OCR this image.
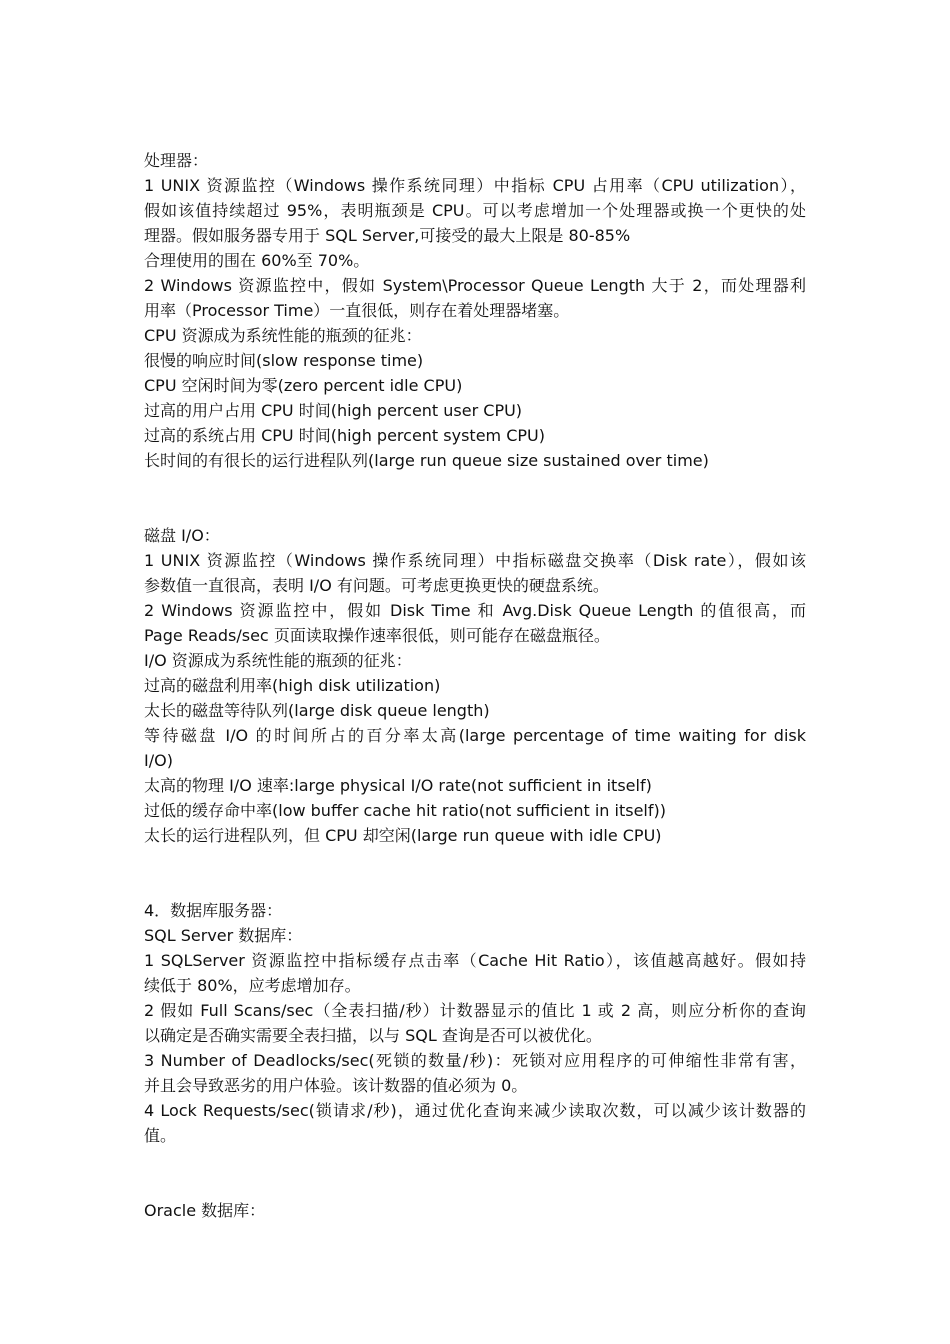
处理器：
1 UNIX 资源监控（Windows 操作系统同理）中指标 CPU 占用率（CPU utilization），
假如该值持续超过 95%，表明瓶颈是 CPU。可以考虑增加一个处理器或换一个更快的处
理器。假如服务器专用于 SQL Server,可接受的最大上限是 80-85%
合理使用的围在 60%至 70%。
2 Windows 资源监控中，假如 System\Processor Queue Length 大于 2，而处理器利
用率（Processor Time）一直很低，则存在着处理器堵塞。
CPU 资源成为系统性能的瓶颈的征兆：
很慢的响应时间(slow response time)
CPU 空闲时间为零(zero percent idle CPU)
过高的用户占用 CPU 时间(high percent user CPU)
过高的系统占用 CPU 时间(high percent system CPU)
长时间的有很长的运行进程队列(large run queue size sustained over time)
磁盘 I/O：
1 UNIX 资源监控（Windows 操作系统同理）中指标磁盘交换率（Disk rate），假如该
参数值一直很高，表明 I/O 有问题。可考虑更换更快的硬盘系统。
2 Windows 资源监控中，假如 Disk Time 和 Avg.Disk Queue Length 的值很高，而
Page Reads/sec 页面读取操作速率很低，则可能存在磁盘瓶径。
I/O 资源成为系统性能的瓶颈的征兆：
过高的磁盘利用率(high disk utilization)
太长的磁盘等待队列(large disk queue length)
等待磁盘 I/O 的时间所占的百分率太高(large percentage of time waiting for disk
I/O)
太高的物理 I/O 速率:large physical I/O rate(not sufficient in itself)
过低的缓存命中率(low buffer cache hit ratio(not sufficient in itself))
太长的运行进程队列，但 CPU 却空闲(large run queue with idle CPU)
4．数据库服务器：
SQL Server 数据库：
1 SQLServer 资源监控中指标缓存点击率（Cache Hit Ratio），该值越高越好。假如持
续低于 80%，应考虑增加存。
2 假如 Full Scans/sec（全表扫描/秒）计数器显示的值比 1 或 2 高，则应分析你的查询
以确定是否确实需要全表扫描，以与 SQL 查询是否可以被优化。
3 Number of Deadlocks/sec(死锁的数量/秒)：死锁对应用程序的可伸缩性非常有害，
并且会导致恶劣的用户体验。该计数器的值必须为 0。
4 Lock Requests/sec(锁请求/秒)，通过优化查询来减少读取次数，可以减少该计数器的
值。
Oracle 数据库：
